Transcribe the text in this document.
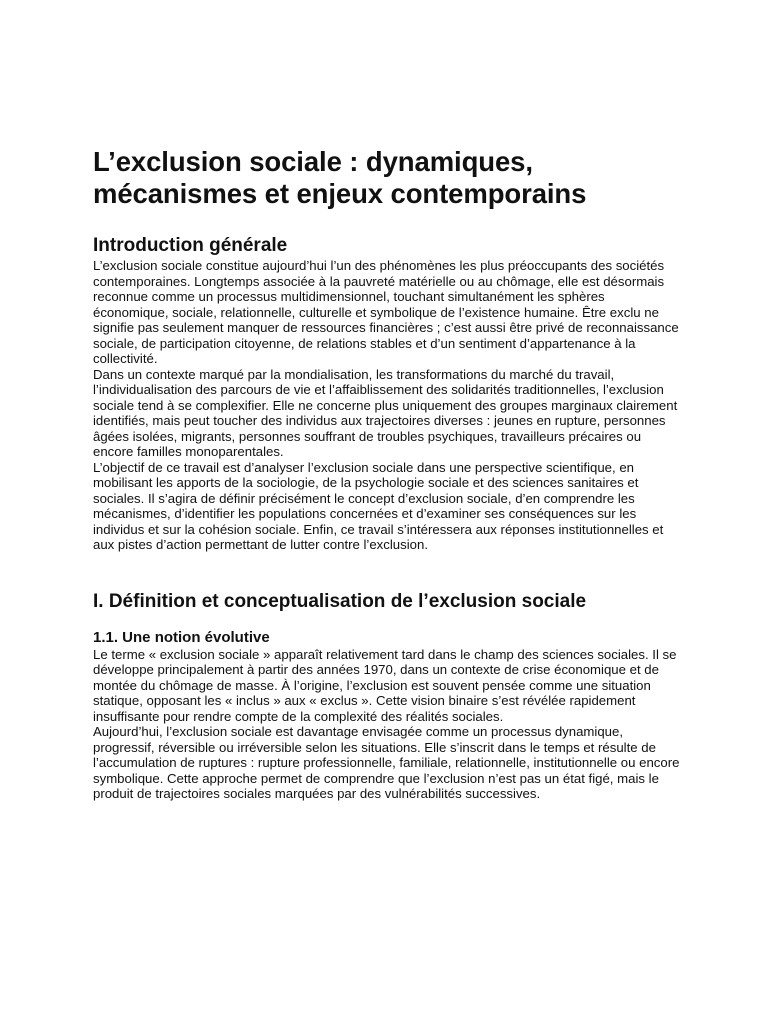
L’exclusion sociale : dynamiques,
mécanismes et enjeux contemporains
Introduction générale

L’exclusion sociale constitue aujourd’hui l’un des phénomènes les plus préoccupants des sociétés contemporaines. Longtemps associée à la pauvreté matérielle ou au chômage, elle est désormais reconnue comme un processus multidimensionnel, touchant simultanément les sphères économique, sociale, relationnelle, culturelle et symbolique de l’existence humaine. Être exclu ne signifie pas seulement manquer de ressources financières ; c’est aussi être privé de reconnaissance sociale, de participation citoyenne, de relations stables et d’un sentiment d’appartenance à la collectivité.

Dans un contexte marqué par la mondialisation, les transformations du marché du travail, l’individualisation des parcours de vie et l’affaiblissement des solidarités traditionnelles, l’exclusion sociale tend à se complexifier. Elle ne concerne plus uniquement des groupes marginaux clairement identifiés, mais peut toucher des individus aux trajectoires diverses : jeunes en rupture, personnes âgées isolées, migrants, personnes souffrant de troubles psychiques, travailleurs précaires ou encore familles monoparentales.

L’objectif de ce travail est d’analyser l’exclusion sociale dans une perspective scientifique, en mobilisant les apports de la sociologie, de la psychologie sociale et des sciences sanitaires et sociales. Il s’agira de définir précisément le concept d’exclusion sociale, d’en comprendre les mécanismes, d’identifier les populations concernées et d’examiner ses conséquences sur les individus et sur la cohésion sociale. Enfin, ce travail s’intéressera aux réponses institutionnelles et aux pistes d’action permettant de lutter contre l’exclusion.

I. Définition et conceptualisation de l’exclusion sociale
1.1. Une notion évolutive

Le terme « exclusion sociale » apparaît relativement tard dans le champ des sciences sociales. Il se développe principalement à partir des années 1970, dans un contexte de crise économique et de montée du chômage de masse. À l’origine, l’exclusion est souvent pensée comme une situation statique, opposant les « inclus » aux « exclus ». Cette vision binaire s’est révélée rapidement insuffisante pour rendre compte de la complexité des réalités sociales.

Aujourd’hui, l’exclusion sociale est davantage envisagée comme un processus dynamique, progressif, réversible ou irréversible selon les situations. Elle s’inscrit dans le temps et résulte de l’accumulation de ruptures : rupture professionnelle, familiale, relationnelle, institutionnelle ou encore symbolique. Cette approche permet de comprendre que l’exclusion n’est pas un état figé, mais le produit de trajectoires sociales marquées par des vulnérabilités successives.
